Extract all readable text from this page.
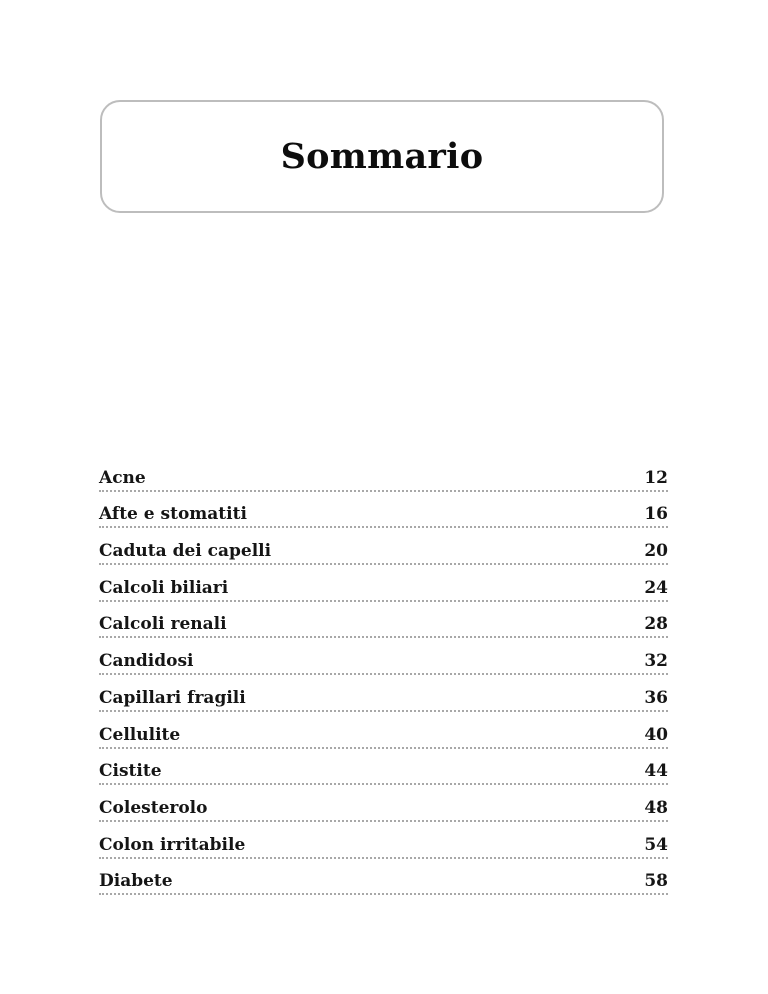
Sommario
Acne	12
Afte e stomatiti	16
Caduta dei capelli	20
Calcoli biliari	24
Calcoli renali	28
Candidosi	32
Capillari fragili	36
Cellulite	40
Cistite	44
Colesterolo	48
Colon irritabile	54
Diabete	58
